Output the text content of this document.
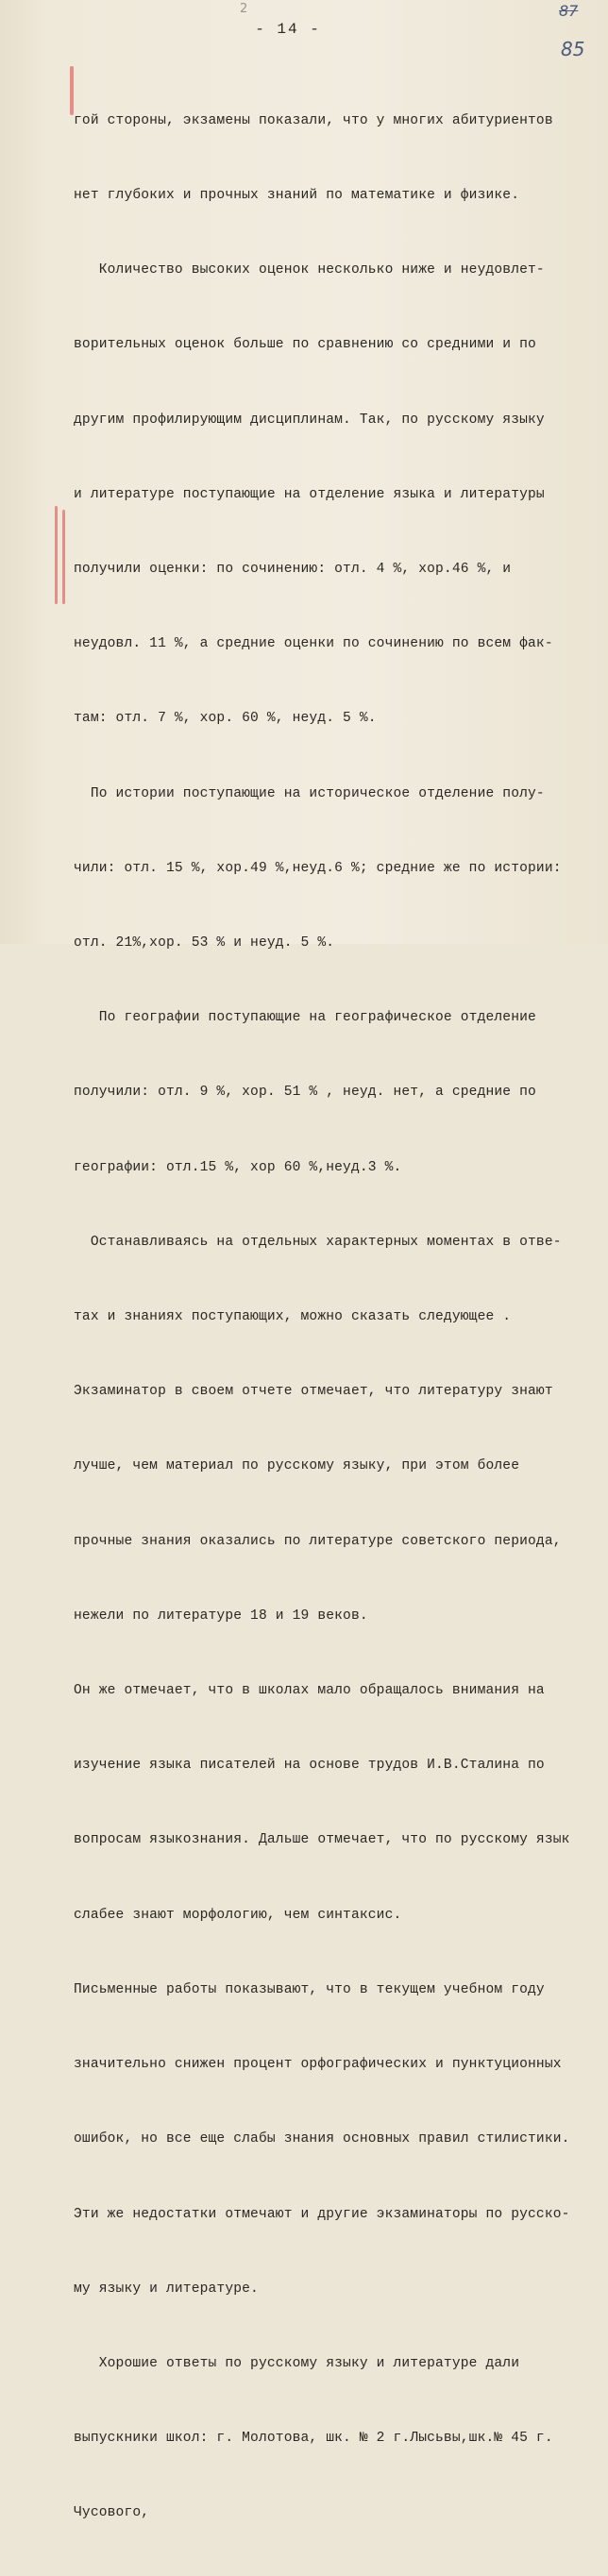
2
- 14 -
87
85

гой стороны, экзамены показали, что у многих абитуриентов

нет глубоких и прочных знаний по математике и физике.

Количество высоких оценок несколько ниже и неудовлет-

ворительных оценок больше по сравнению со средними и по

другим профилирующим дисциплинам. Так, по русскому языку

и литературе поступающие на отделение языка и литературы

получили оценки: по сочинению: отл. 4 %, хор.46 %, и

неудовл. 11 %, а средние оценки по сочинению по всем фак-

там: отл. 7 %, хор. 60 %, неуд. 5 %.

По истории поступающие на историческое отделение полу-

чили: отл. 15 %, хор.49 %,неуд.6 %; средние же по истории:

отл. 21%,хор. 53 % и неуд. 5 %.

По географии поступающие на географическое отделение

получили: отл. 9 %, хор. 51 % , неуд. нет, а средние по

географии: отл.15 %, хор 60 %,неуд.3 %.

Останавливаясь на отдельных характерных моментах в отве-

тах и знаниях поступающих, можно сказать следующее .

Экзаминатор в своем отчете отмечает, что литературу знают

лучше, чем материал по русскому языку, при этом более

прочные знания оказались по литературе советского периода,

нежели по литературе 18 и 19 веков.

Он же отмечает, что в школах мало обращалось внимания на

изучение языка писателей на основе трудов И.В.Сталина по

вопросам языкознания. Дальше отмечает, что по русскому язык

слабее знают морфологию, чем синтаксис.

Письменные работы показывают, что в текущем учебном году

значительно снижен процент орфографических и пунктуционных

ошибок, но все еще слабы знания основных правил стилистики.

Эти же недостатки отмечают и другие экзаминаторы по русско-

му языку и литературе.

Хорошие ответы по русскому языку и литературе дали

выпускники школ: г. Молотова, шк. № 2 г.Лысьвы,шк.№ 45 г.

Чусового,
